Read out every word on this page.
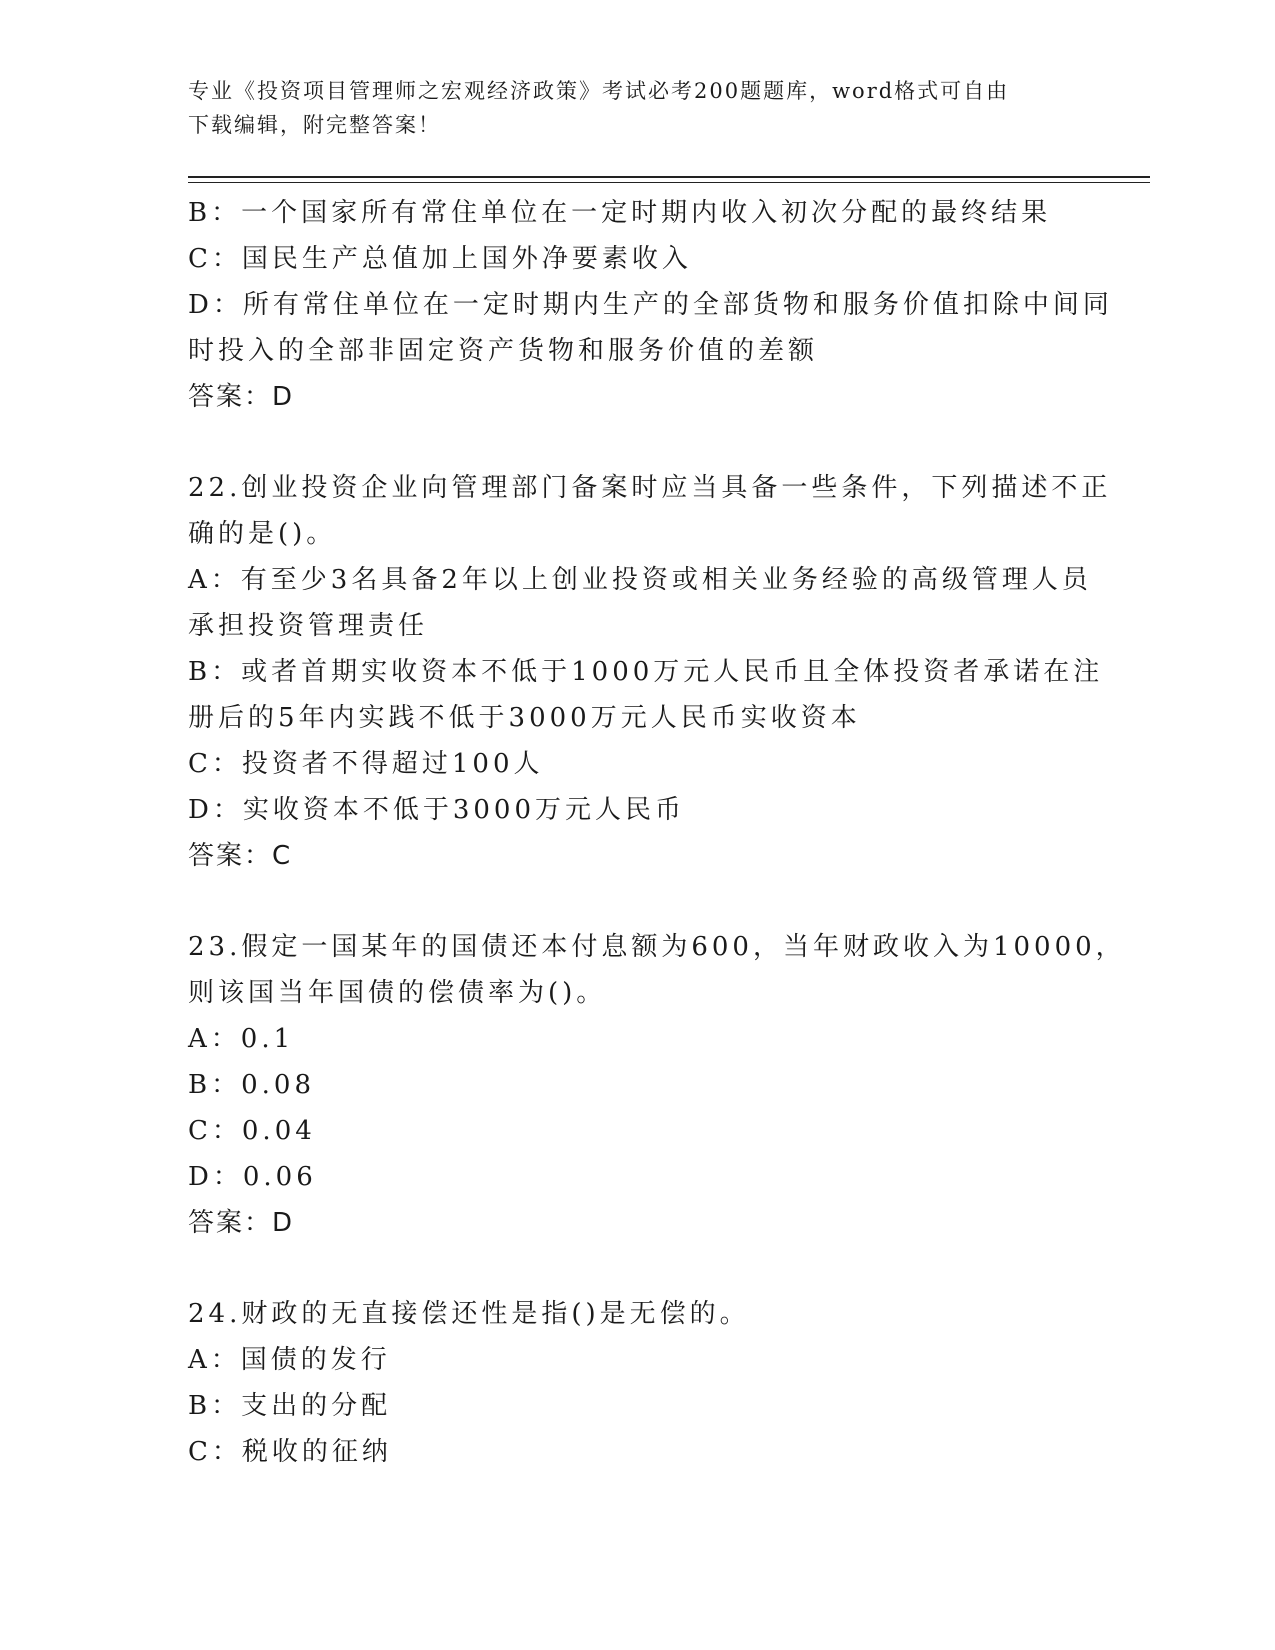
专业《投资项目管理师之宏观经济政策》考试必考200题题库，word格式可自由
下载编辑，附完整答案！
B：一个国家所有常住单位在一定时期内收入初次分配的最终结果
C：国民生产总值加上国外净要素收入
D：所有常住单位在一定时期内生产的全部货物和服务价值扣除中间同
时投入的全部非固定资产货物和服务价值的差额
答案：D
22.创业投资企业向管理部门备案时应当具备一些条件，下列描述不正
确的是()。
A：有至少3名具备2年以上创业投资或相关业务经验的高级管理人员
承担投资管理责任
B：或者首期实收资本不低于1000万元人民币且全体投资者承诺在注
册后的5年内实践不低于3000万元人民币实收资本
C：投资者不得超过100人
D：实收资本不低于3000万元人民币
答案：C
23.假定一国某年的国债还本付息额为600，当年财政收入为10000，
则该国当年国债的偿债率为()。
A：0.1
B：0.08
C：0.04
D：0.06
答案：D
24.财政的无直接偿还性是指()是无偿的。
A：国债的发行
B：支出的分配
C：税收的征纳
